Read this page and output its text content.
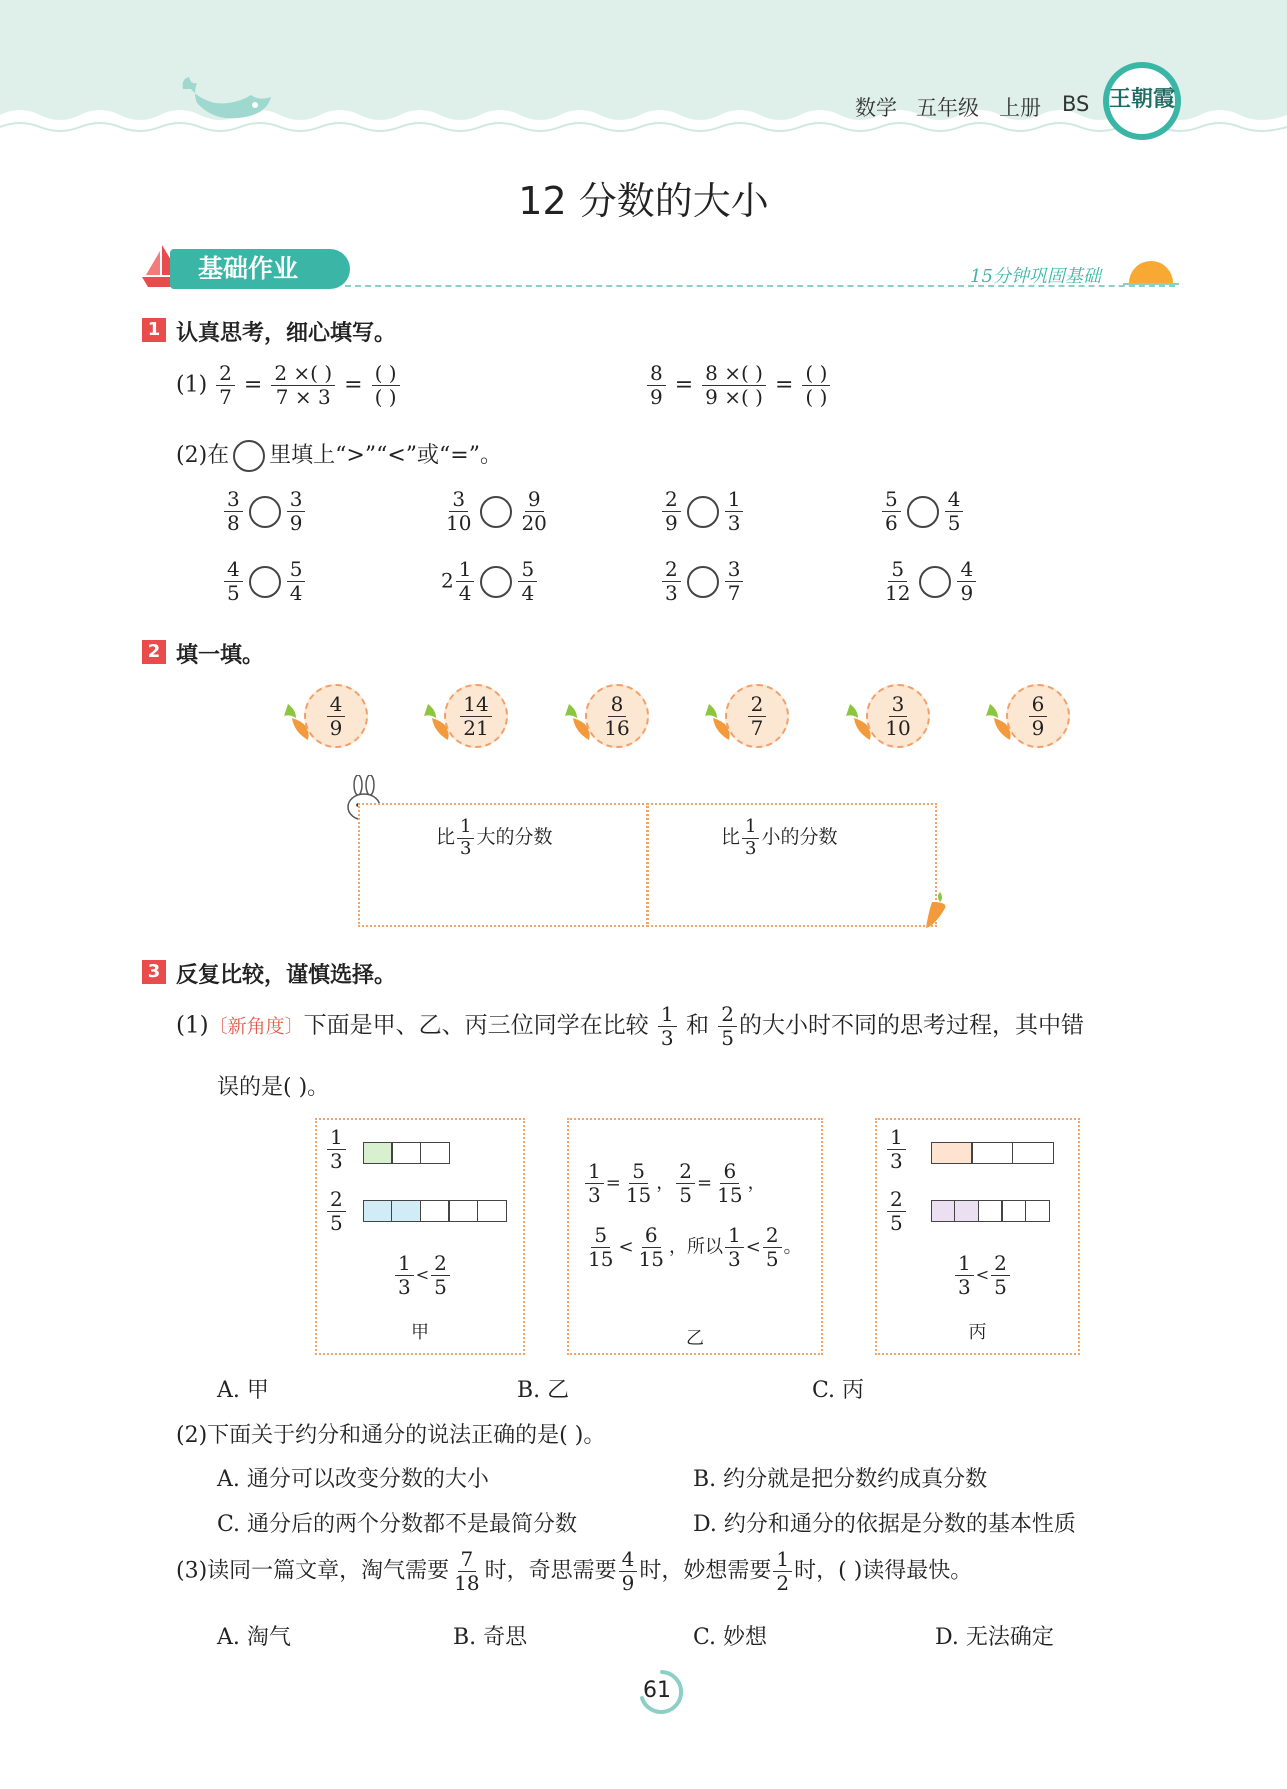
数学 五年级 上册 BS 王朝霞
12 分数的大小
基础作业	15分钟巩固基础
1 认真思考，细心填写。
$(1) \frac{2}{7} = \frac{2 \times( )}{7 \times 3} = \frac{( )}{( )}$	$\frac{8}{9} = \frac{8 \times( )}{9 \times( )} = \frac{( )}{( )}$
(2)在 里填上“>”“<”或“=”。
$\frac{3}{8} \frac{3}{9}$	$\frac{3}{10} \frac{9}{20}$	$\frac{2}{9} \frac{1}{3}$	$\frac{5}{6} \frac{4}{5}$
$\frac{4}{5} \frac{5}{4}$	$2 \frac{1}{4} \frac{5}{4}$	$\frac{2}{3} \frac{3}{7}$	$\frac{5}{12} \frac{4}{9}$
2 填一填。
$\frac{4}{9}$	$\frac{14}{21}$	$\frac{8}{16}$	$\frac{2}{7}$	$\frac{3}{10}$	$\frac{6}{9}$
比 $\frac{1}{3}$ 大的分数	比 $\frac{1}{3}$ 小的分数
3 反复比较，谨慎选择。
(1)〔新角度〕下面是甲、乙、丙三位同学在比较 $\frac{1}{3}$ 和 $\frac{2}{5}$ 的大小时不同的思考过程，其中错
误的是( )。
$\frac{1}{3}$
$\frac{2}{5}$
$\frac{1}{3} < \frac{2}{5}$
甲
$\frac{1}{3} = \frac{5}{15}$ ， $\frac{2}{5} = \frac{6}{15}$ ，
$\frac{5}{15} < \frac{6}{15}$ ，所以 $\frac{1}{3} < \frac{2}{5}$ 。
乙
$\frac{1}{3}$
$\frac{2}{5}$
$\frac{1}{3} < \frac{2}{5}$
丙
A. 甲	B. 乙	C. 丙
(2)下面关于约分和通分的说法正确的是( )。
A. 通分可以改变分数的大小	B. 约分就是把分数约成真分数
C. 通分后的两个分数都不是最简分数	D. 约分和通分的依据是分数的基本性质
(3)读同一篇文章，淘气需要 $\frac{7}{18}$ 时，奇思需要 $\frac{4}{9}$ 时，妙想需要 $\frac{1}{2}$ 时，( )读得最快。
A. 淘气	B. 奇思	C. 妙想	D. 无法确定
61
